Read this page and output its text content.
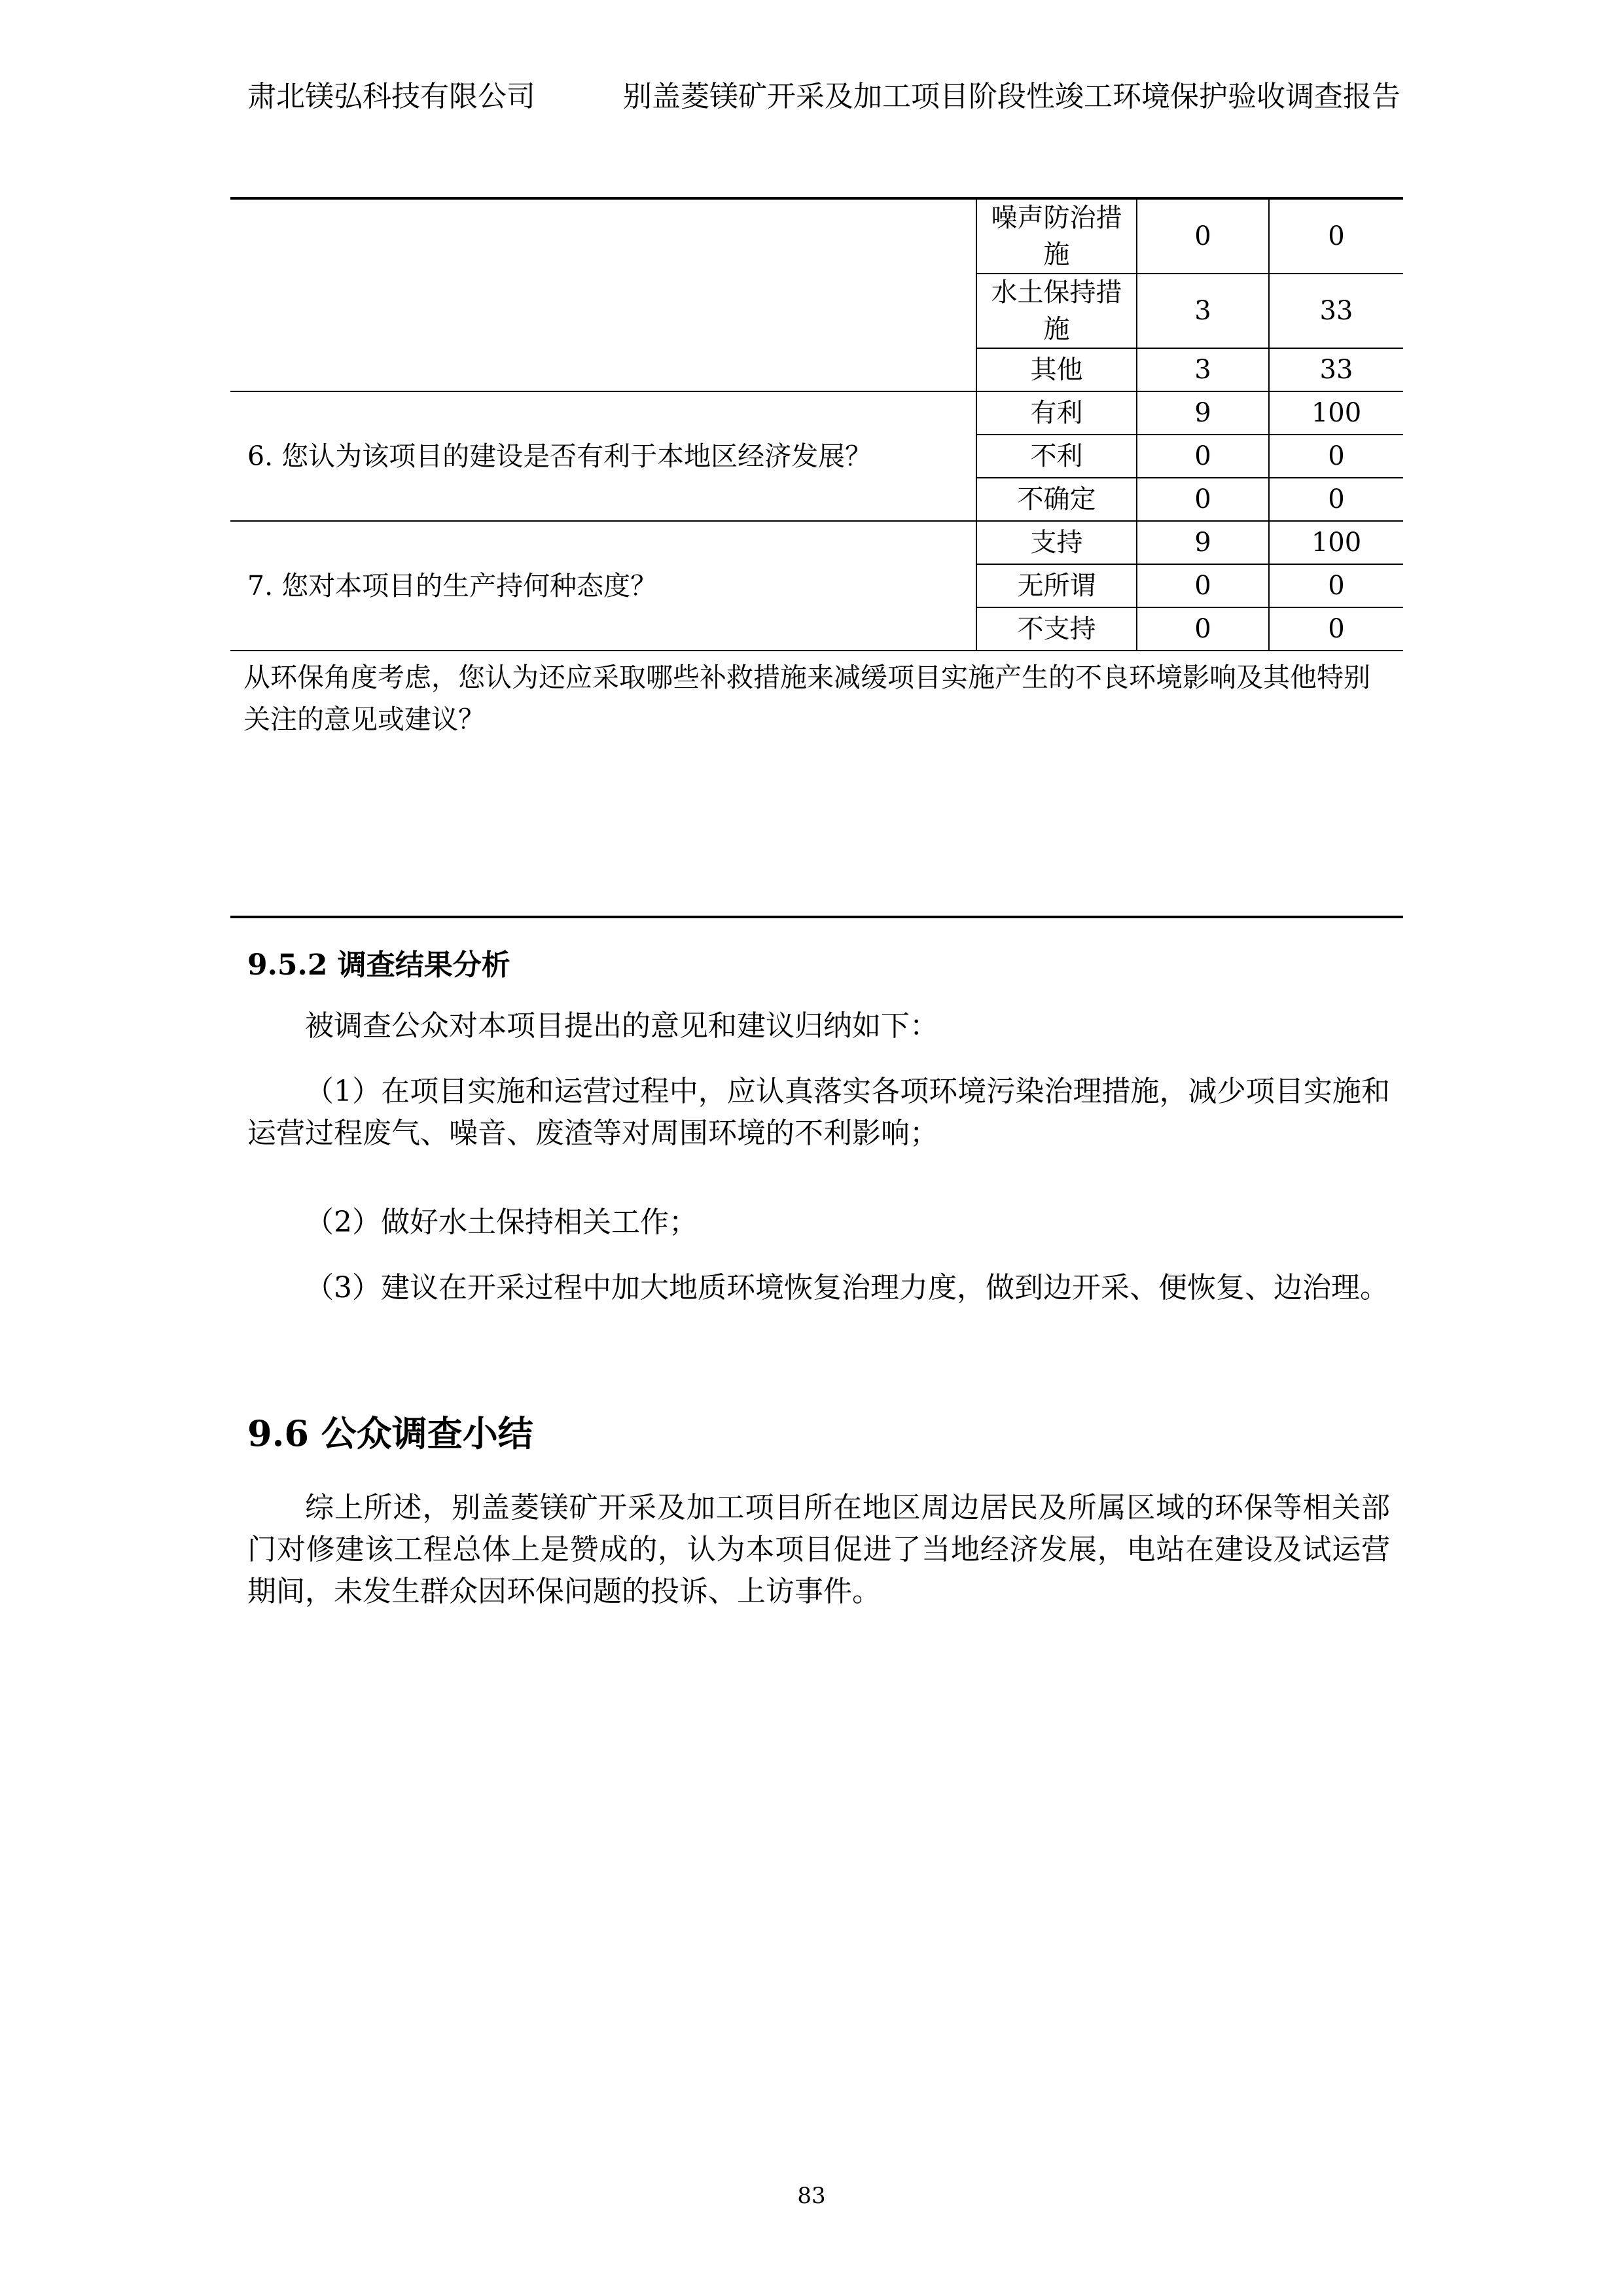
肃北镁弘科技有限公司	别盖菱镁矿开采及加工项目阶段性竣工环境保护验收调查报告
	噪声防治措施	0	0
	水土保持措施	3	33
	其他	3	33
6. 您认为该项目的建设是否有利于本地区经济发展？	有利	9	100
	不利	0	0
	不确定	0	0
7. 您对本项目的生产持何种态度？	支持	9	100
	无所谓	0	0
	不支持	0	0
从环保角度考虑，您认为还应采取哪些补救措施来减缓项目实施产生的不良环境影响及其他特别关注的意见或建议？			
9.5.2 调查结果分析
被调查公众对本项目提出的意见和建议归纳如下：
（1）在项目实施和运营过程中，应认真落实各项环境污染治理措施，减少项目实施和运营过程废气、噪音、废渣等对周围环境的不利影响；
（2）做好水土保持相关工作；
（3）建议在开采过程中加大地质环境恢复治理力度，做到边开采、便恢复、边治理。
9.6 公众调查小结
综上所述，别盖菱镁矿开采及加工项目所在地区周边居民及所属区域的环保等相关部门对修建该工程总体上是赞成的，认为本项目促进了当地经济发展，电站在建设及试运营期间，未发生群众因环保问题的投诉、上访事件。
83
